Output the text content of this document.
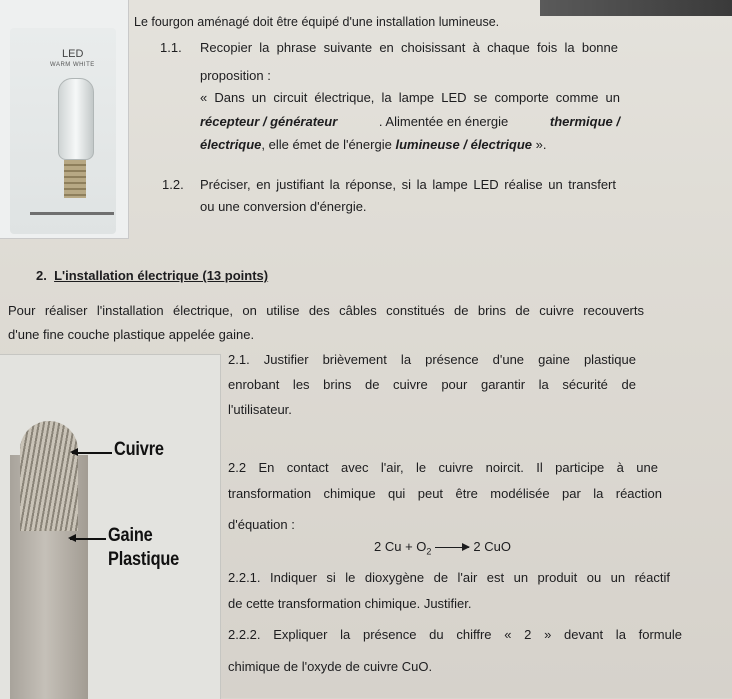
LED
WARM WHITE
Cuivre
Gaine
Plastique
Le fourgon aménagé doit être équipé d'une installation lumineuse.
1.1. Recopier la phrase suivante en choisissant à chaque fois la bonne
proposition :
« Dans un circuit électrique, la lampe LED se comporte comme un
récepteur / générateur	. Alimentée en énergie	thermique /
électrique, elle émet de l'énergie lumineuse / électrique ».
1.2. Préciser, en justifiant la réponse, si la lampe LED réalise un transfert
ou une conversion d'énergie.
2. L'installation électrique (13 points)
Pour réaliser l'installation électrique, on utilise des câbles constitués de brins de cuivre recouverts
d'une fine couche plastique appelée gaine.
2.1. Justifier brièvement la présence d'une gaine plastique
enrobant les brins de cuivre pour garantir la sécurité de
l'utilisateur.
2.2 En contact avec l'air, le cuivre noircit. Il participe à une
transformation chimique qui peut être modélisée par la réaction
d'équation :
2 $Cu + O_2 \to 2$ CuO
2.2.1. Indiquer si le dioxygène de l'air est un produit ou un réactif
de cette transformation chimique. Justifier.
2.2.2. Expliquer la présence du chiffre « 2 » devant la formule
chimique de l'oxyde de cuivre CuO.
